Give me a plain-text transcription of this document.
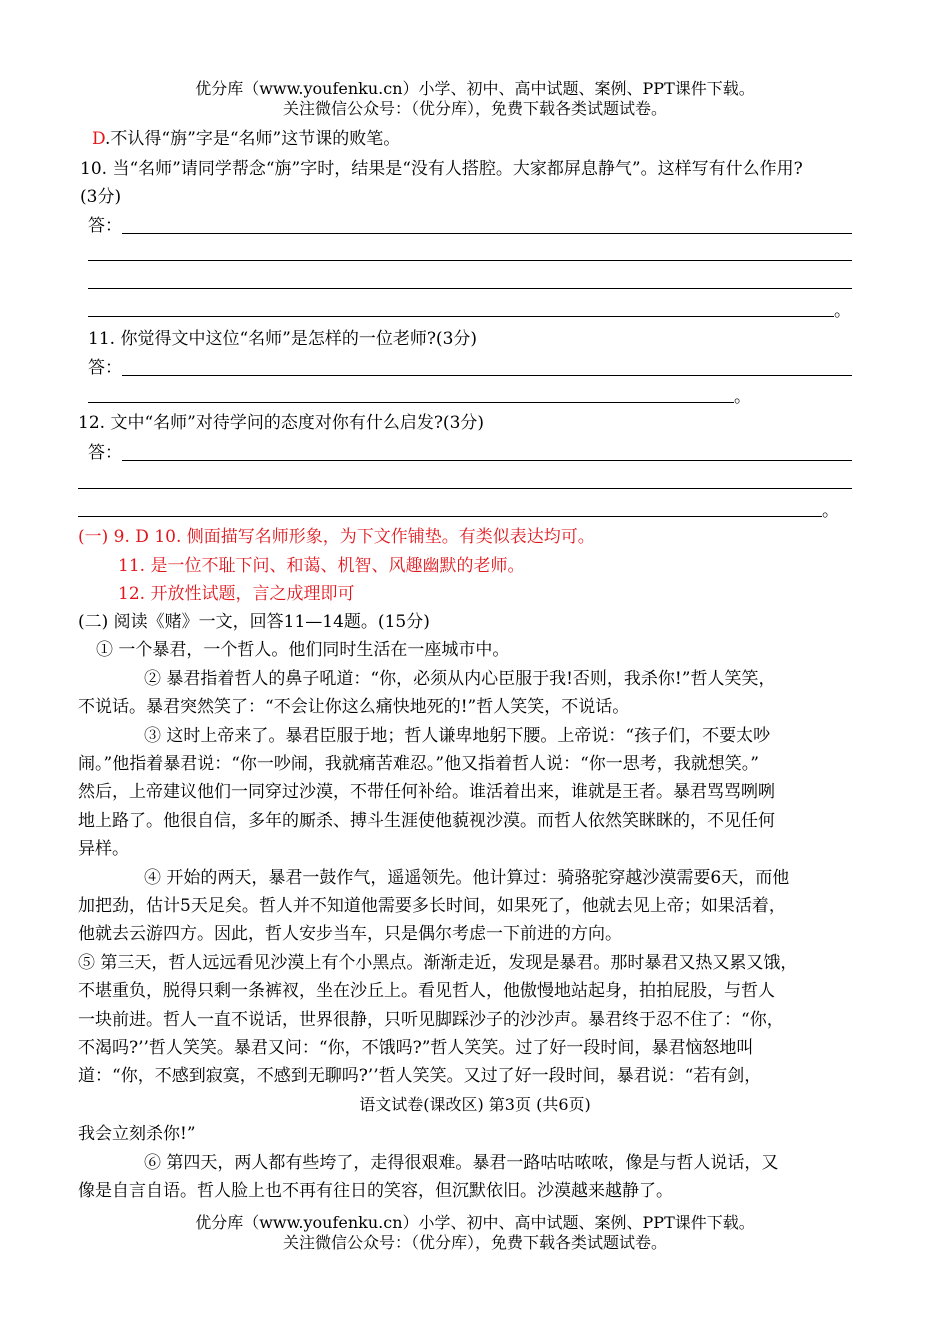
优分库（www.youfenku.cn）小学、初中、高中试题、案例、PPT课件下载。
关注微信公众号：（优分库），免费下载各类试题试卷。
D.不认得“旃”字是“名师”这节课的败笔。
10. 当“名师”请同学帮念“旃”字时，结果是“没有人搭腔。大家都屏息静气”。这样写有什么作用?
(3分)
答：
。
11. 你觉得文中这位“名师”是怎样的一位老师?(3分)
答：
。
12. 文中“名师”对待学问的态度对你有什么启发?(3分)
答：
。
(一) 9. D 10. 侧面描写名师形象，为下文作铺垫。有类似表达均可。
11. 是一位不耻下问、和蔼、机智、风趣幽默的老师。
12. 开放性试题，言之成理即可
(二) 阅读《赌》一文，回答11—14题。(15分)
① 一个暴君，一个哲人。他们同时生活在一座城市中。
② 暴君指着哲人的鼻子吼道：“你，必须从内心臣服于我!否则，我杀你!”哲人笑笑，
不说话。暴君突然笑了：“不会让你这么痛快地死的!”哲人笑笑，不说话。
③ 这时上帝来了。暴君臣服于地；哲人谦卑地躬下腰。上帝说：“孩子们，不要太吵
闹。”他指着暴君说：“你一吵闹，我就痛苦难忍。”他又指着哲人说：“你一思考，我就想笑。”
然后，上帝建议他们一同穿过沙漠，不带任何补给。谁活着出来，谁就是王者。暴君骂骂咧咧
地上路了。他很自信，多年的厮杀、搏斗生涯使他藐视沙漠。而哲人依然笑眯眯的，不见任何
异样。
④ 开始的两天，暴君一鼓作气，遥遥领先。他计算过：骑骆驼穿越沙漠需要6天，而他
加把劲，估计5天足矣。哲人并不知道他需要多长时间，如果死了，他就去见上帝；如果活着，
他就去云游四方。因此，哲人安步当车，只是偶尔考虑一下前进的方向。
⑤ 第三天，哲人远远看见沙漠上有个小黑点。渐渐走近，发现是暴君。那时暴君又热又累又饿，
不堪重负，脱得只剩一条裤衩，坐在沙丘上。看见哲人，他傲慢地站起身，拍拍屁股，与哲人
一块前进。哲人一直不说话，世界很静，只听见脚踩沙子的沙沙声。暴君终于忍不住了：“你，
不渴吗?’’哲人笑笑。暴君又问：“你，不饿吗?”哲人笑笑。过了好一段时间，暴君恼怒地叫
道：“你，不感到寂寞，不感到无聊吗?’’哲人笑笑。又过了好一段时间，暴君说：“若有剑，
语文试卷(课改区) 第3页 (共6页)
我会立刻杀你!”
⑥ 第四天，两人都有些垮了，走得很艰难。暴君一路咕咕哝哝，像是与哲人说话，又
像是自言自语。哲人脸上也不再有往日的笑容，但沉默依旧。沙漠越来越静了。
优分库（www.youfenku.cn）小学、初中、高中试题、案例、PPT课件下载。
关注微信公众号：（优分库），免费下载各类试题试卷。
